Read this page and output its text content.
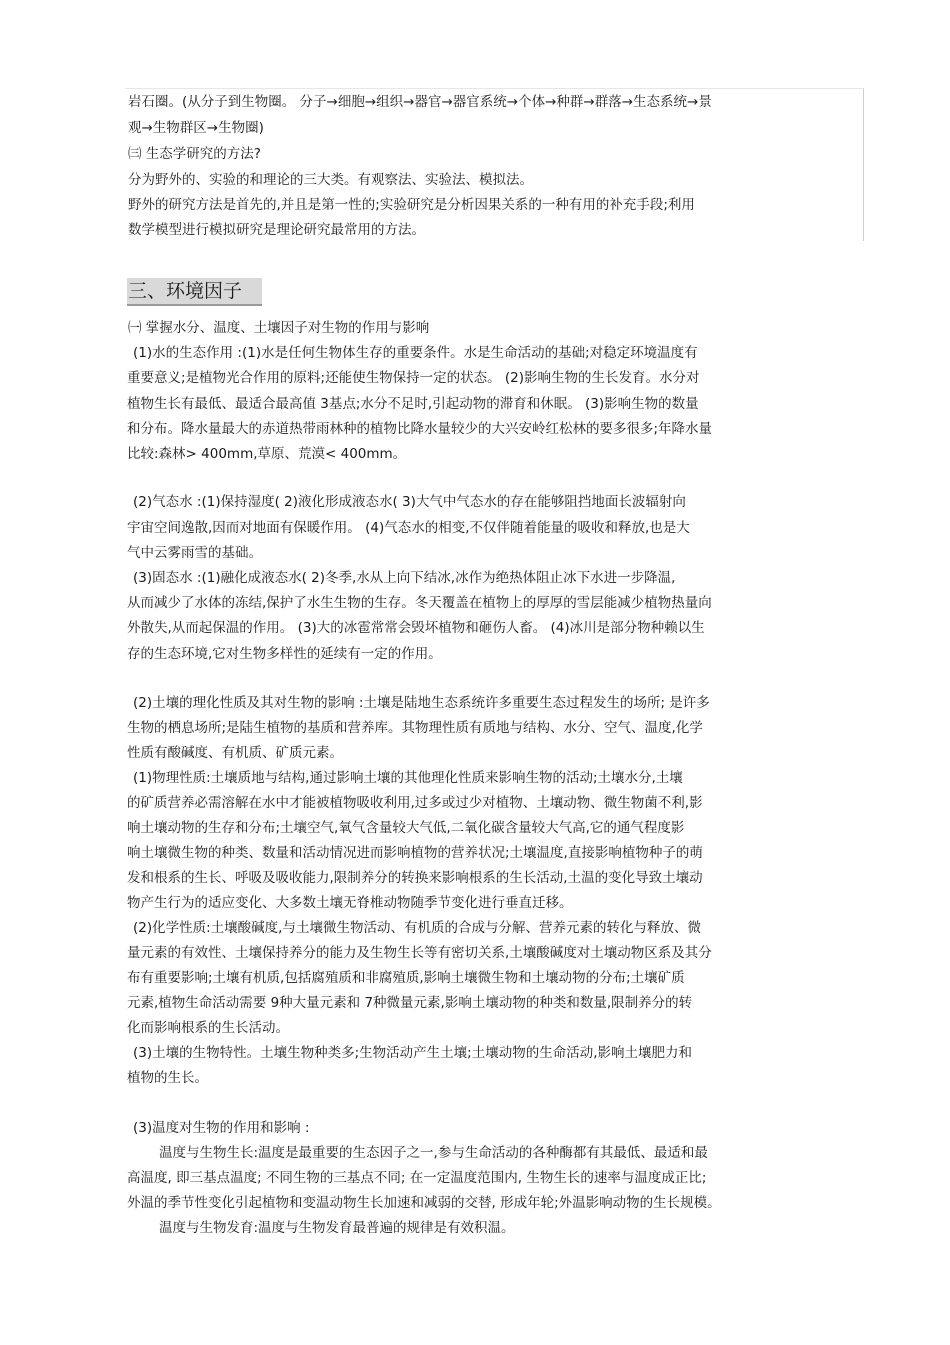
岩石圈。(从分子到生物圈。 分子→细胞→组织→器官→器官系统→个体→种群→群落→生态系统→景
观→生物群区→生物圈)
㈢ 生态学研究的方法?
分为野外的、实验的和理论的三大类。有观察法、实验法、模拟法。
野外的研究方法是首先的,并且是第一性的;实验研究是分析因果关系的一种有用的补充手段;利用
数学模型进行模拟研究是理论研究最常用的方法。
三、环境因子
㈠ 掌握水分、温度、土壤因子对生物的作用与影响
(1)水的生态作用 :(1)水是任何生物体生存的重要条件。水是生命活动的基础;对稳定环境温度有
重要意义;是植物光合作用的原料;还能使生物保持一定的状态。 (2)影响生物的生长发育。水分对
植物生长有最低、最适合最高值 3基点;水分不足时,引起动物的滞育和休眠。 (3)影响生物的数量
和分布。降水量最大的赤道热带雨林种的植物比降水量较少的大兴安岭红松林的要多很多;年降水量
比较:森林> 400mm,草原、荒漠< 400mm。
(2)气态水 :(1)保持湿度( 2)液化形成液态水( 3)大气中气态水的存在能够阻挡地面长波辐射向
宇宙空间逸散,因而对地面有保暖作用。 (4)气态水的相变,不仅伴随着能量的吸收和释放,也是大
气中云雾雨雪的基础。
(3)固态水 :(1)融化成液态水( 2)冬季,水从上向下结冰,冰作为绝热体阻止冰下水进一步降温,
从而减少了水体的冻结,保护了水生生物的生存。冬天覆盖在植物上的厚厚的雪层能减少植物热量向
外散失,从而起保温的作用。 (3)大的冰雹常常会毁坏植物和砸伤人畜。 (4)冰川是部分物种赖以生
存的生态环境,它对生物多样性的延续有一定的作用。
(2)土壤的理化性质及其对生物的影响 :土壤是陆地生态系统许多重要生态过程发生的场所; 是许多
生物的栖息场所;是陆生植物的基质和营养库。其物理性质有质地与结构、水分、空气、温度,化学
性质有酸碱度、有机质、矿质元素。
(1)物理性质:土壤质地与结构,通过影响土壤的其他理化性质来影响生物的活动;土壤水分,土壤
的矿质营养必需溶解在水中才能被植物吸收利用,过多或过少对植物、土壤动物、微生物菌不利,影
响土壤动物的生存和分布;土壤空气,氧气含量较大气低,二氧化碳含量较大气高,它的通气程度影
响土壤微生物的种类、数量和活动情况进而影响植物的营养状况;土壤温度,直接影响植物种子的萌
发和根系的生长、呼吸及吸收能力,限制养分的转换来影响根系的生长活动,土温的变化导致土壤动
物产生行为的适应变化、大多数土壤无脊椎动物随季节变化进行垂直迁移。
(2)化学性质:土壤酸碱度,与土壤微生物活动、有机质的合成与分解、营养元素的转化与释放、微
量元素的有效性、土壤保持养分的能力及生物生长等有密切关系,土壤酸碱度对土壤动物区系及其分
布有重要影响;土壤有机质,包括腐殖质和非腐殖质,影响土壤微生物和土壤动物的分布;土壤矿质
元素,植物生命活动需要 9种大量元素和 7种微量元素,影响土壤动物的种类和数量,限制养分的转
化而影响根系的生长活动。
(3)土壤的生物特性。土壤生物种类多;生物活动产生土壤;土壤动物的生命活动,影响土壤肥力和
植物的生长。
(3)温度对生物的作用和影响 :
温度与生物生长:温度是最重要的生态因子之一,参与生命活动的各种酶都有其最低、最适和最
高温度, 即三基点温度; 不同生物的三基点不同; 在一定温度范围内, 生物生长的速率与温度成正比;
外温的季节性变化引起植物和变温动物生长加速和减弱的交替, 形成年轮;外温影响动物的生长规模。
温度与生物发育:温度与生物发育最普遍的规律是有效积温。
